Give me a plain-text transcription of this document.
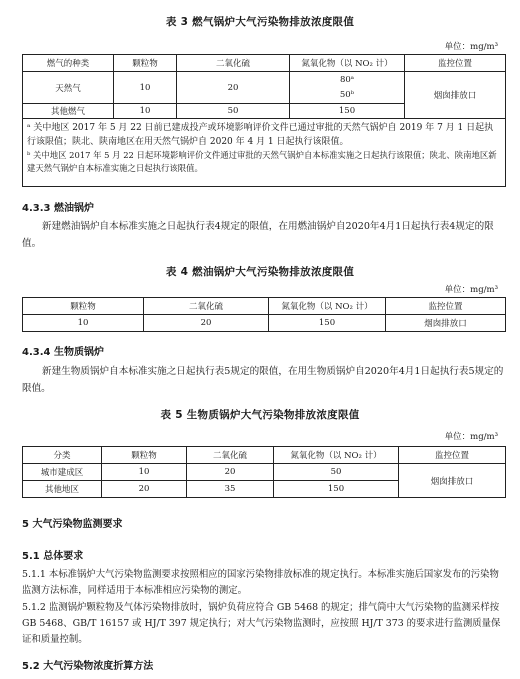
表 3 燃气锅炉大气污染物排放浓度限值
单位：mg/m³
燃气的种类	颗粒物	二氧化硫	氮氧化物（以 NO₂ 计）	监控位置
天然气	10	20	80ᵃ	烟囱排放口
			50ᵇ	
其他燃气	10	50	150	

ᵃ 关中地区 2017 年 5 月 22 日前已建成投产或环境影响评价文件已通过审批的天然气锅炉自 2019 年 7 月 1 日起执行该限值；陕北、陕南地区在用天然气锅炉自 2020 年 4 月 1 日起执行该限值。

ᵇ 关中地区 2017 年 5 月 22 日起环境影响评价文件通过审批的天然气锅炉自本标准实施之日起执行该限值；陕北、陕南地区新建天然气锅炉自本标准实施之日起执行该限值。

4.3.3 燃油锅炉
新建燃油锅炉自本标准实施之日起执行表4规定的限值，在用燃油锅炉自2020年4月1日起执行表4规定的限值。
表 4 燃油锅炉大气污染物排放浓度限值
单位：mg/m³
颗粒物	二氧化硫	氮氧化物（以 NO₂ 计）	监控位置
10	20	150	烟囱排放口
4.3.4 生物质锅炉
新建生物质锅炉自本标准实施之日起执行表5规定的限值，在用生物质锅炉自2020年4月1日起执行表5规定的限值。
表 5 生物质锅炉大气污染物排放浓度限值
单位：mg/m³
分类	颗粒物	二氧化硫	氮氧化物（以 NO₂ 计）	监控位置
城市建成区	10	20	50	烟囱排放口
其他地区	20	35	150	
5 大气污染物监测要求
5.1 总体要求
5.1.1 本标准锅炉大气污染物监测要求按照相应的国家污染物排放标准的规定执行。本标准实施后国家发布的污染物监测方法标准，同样适用于本标准相应污染物的测定。
5.1.2 监测锅炉颗粒物及气体污染物排放时，锅炉负荷应符合 GB 5468 的规定；排气筒中大气污染物的监测采样按 GB 5468、GB/T 16157 或 HJ/T 397 规定执行；对大气污染物监测时，应按照 HJ/T 373 的要求进行监测质量保证和质量控制。
5.2 大气污染物浓度折算方法
